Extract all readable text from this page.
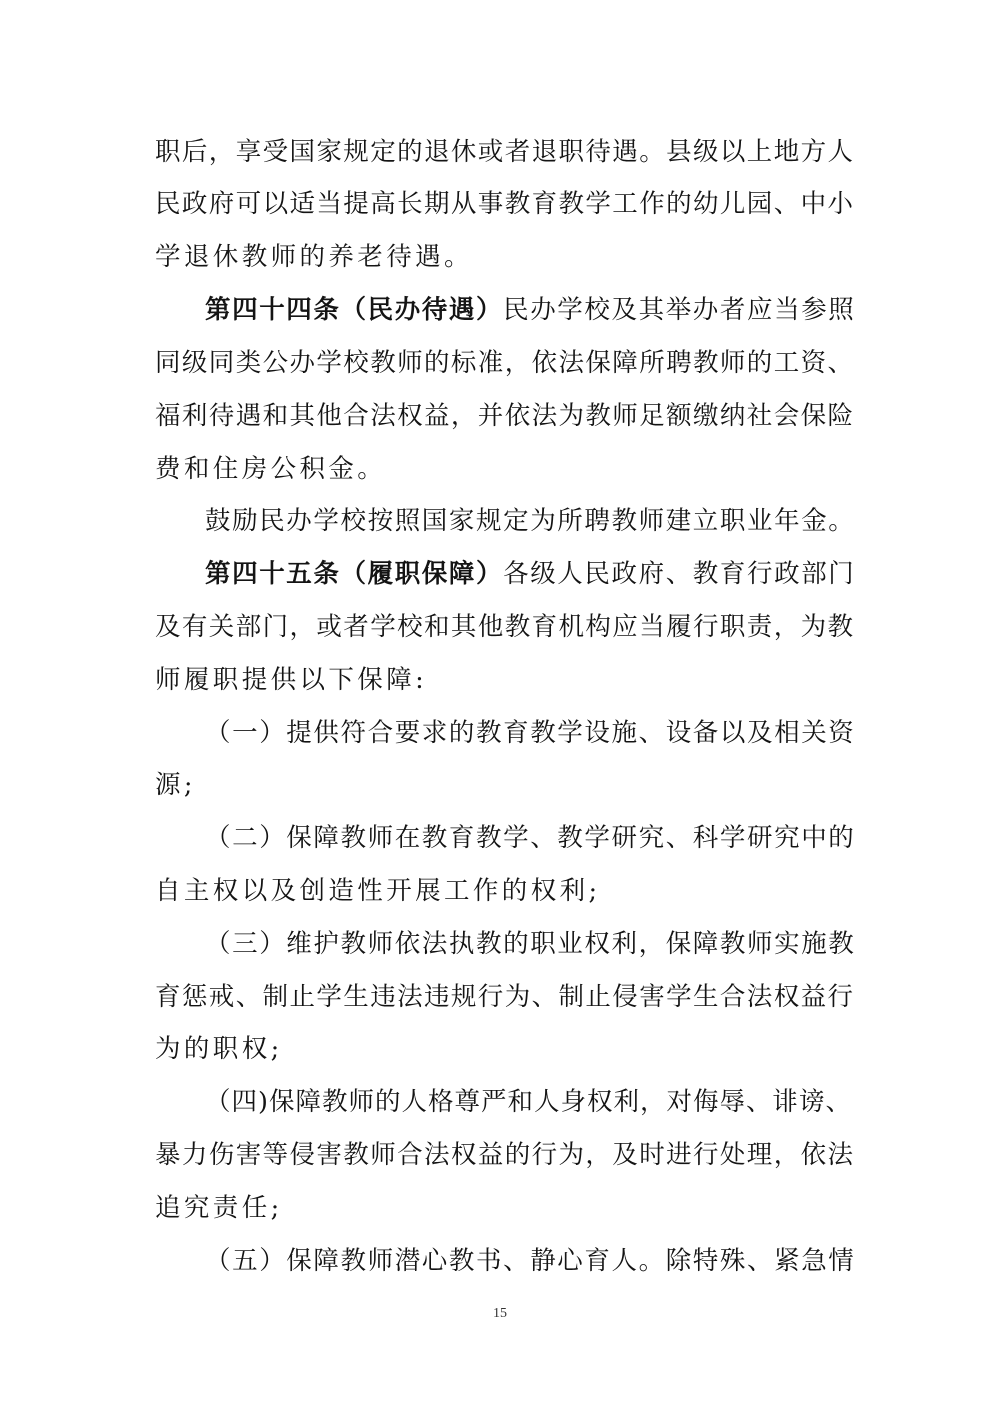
职后，享受国家规定的退休或者退职待遇。县级以上地方人
民政府可以适当提高长期从事教育教学工作的幼儿园、中小
学退休教师的养老待遇。
第四十四条（民办待遇）民办学校及其举办者应当参照
同级同类公办学校教师的标准，依法保障所聘教师的工资、
福利待遇和其他合法权益，并依法为教师足额缴纳社会保险
费和住房公积金。
鼓励民办学校按照国家规定为所聘教师建立职业年金。
第四十五条（履职保障）各级人民政府、教育行政部门
及有关部门，或者学校和其他教育机构应当履行职责，为教
师履职提供以下保障:
（一）提供符合要求的教育教学设施、设备以及相关资
源;
（二）保障教师在教育教学、教学研究、科学研究中的
自主权以及创造性开展工作的权利;
（三）维护教师依法执教的职业权利，保障教师实施教
育惩戒、制止学生违法违规行为、制止侵害学生合法权益行
为的职权;
（四)保障教师的人格尊严和人身权利，对侮辱、诽谤、
暴力伤害等侵害教师合法权益的行为，及时进行处理，依法
追究责任;
（五）保障教师潜心教书、静心育人。除特殊、紧急情
15
